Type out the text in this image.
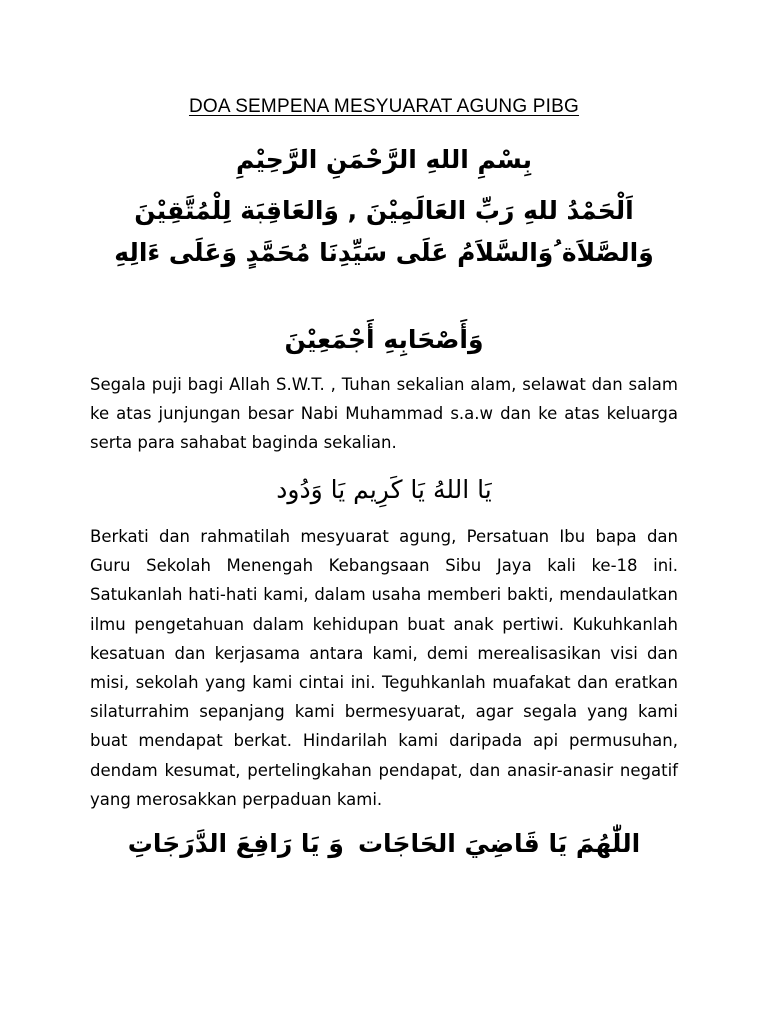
DOA SEMPENA MESYUARAT AGUNG PIBG
بِسْمِ اللهِ الرَّحْمَنِ الرَّحِيْمِ
اَلْحَمْدُ للهِ رَبِّ العَالَمِيْنَ , وَالعَاقِبَة لِلْمُتَّقِيْنَ وَالصَّلاَة ُوَالسَّلاَمُ عَلَى سَيِّدِنَا مُحَمَّدٍ وَعَلَى ءَالِهِ
وَأَصْحَابِهِ أَجْمَعِيْنَ

Segala puji bagi Allah S.W.T. , Tuhan sekalian alam, selawat dan salam ke atas junjungan besar Nabi Muhammad s.a.w dan ke atas keluarga serta para sahabat baginda sekalian.

يَا اللهُ يَا كَرِيم يَا وَدُود

Berkati dan rahmatilah mesyuarat agung, Persatuan Ibu bapa dan Guru Sekolah Menengah Kebangsaan Sibu Jaya kali ke-18 ini. Satukanlah hati-hati kami, dalam usaha memberi bakti, mendaulatkan ilmu pengetahuan dalam kehidupan buat anak pertiwi. Kukuhkanlah kesatuan dan kerjasama antara kami, demi merealisasikan visi dan misi, sekolah yang kami cintai ini. Teguhkanlah muafakat dan eratkan silaturrahim sepanjang kami bermesyuarat, agar segala yang kami buat mendapat berkat. Hindarilah kami daripada api permusuhan, dendam kesumat, pertelingkahan pendapat, dan anasir-anasir negatif yang merosakkan perpaduan kami.

اللّٰهُمَ يَا قَاضِيَ الحَاجَاتوَ يَا رَافِعَ الدَّرَجَاتِ
